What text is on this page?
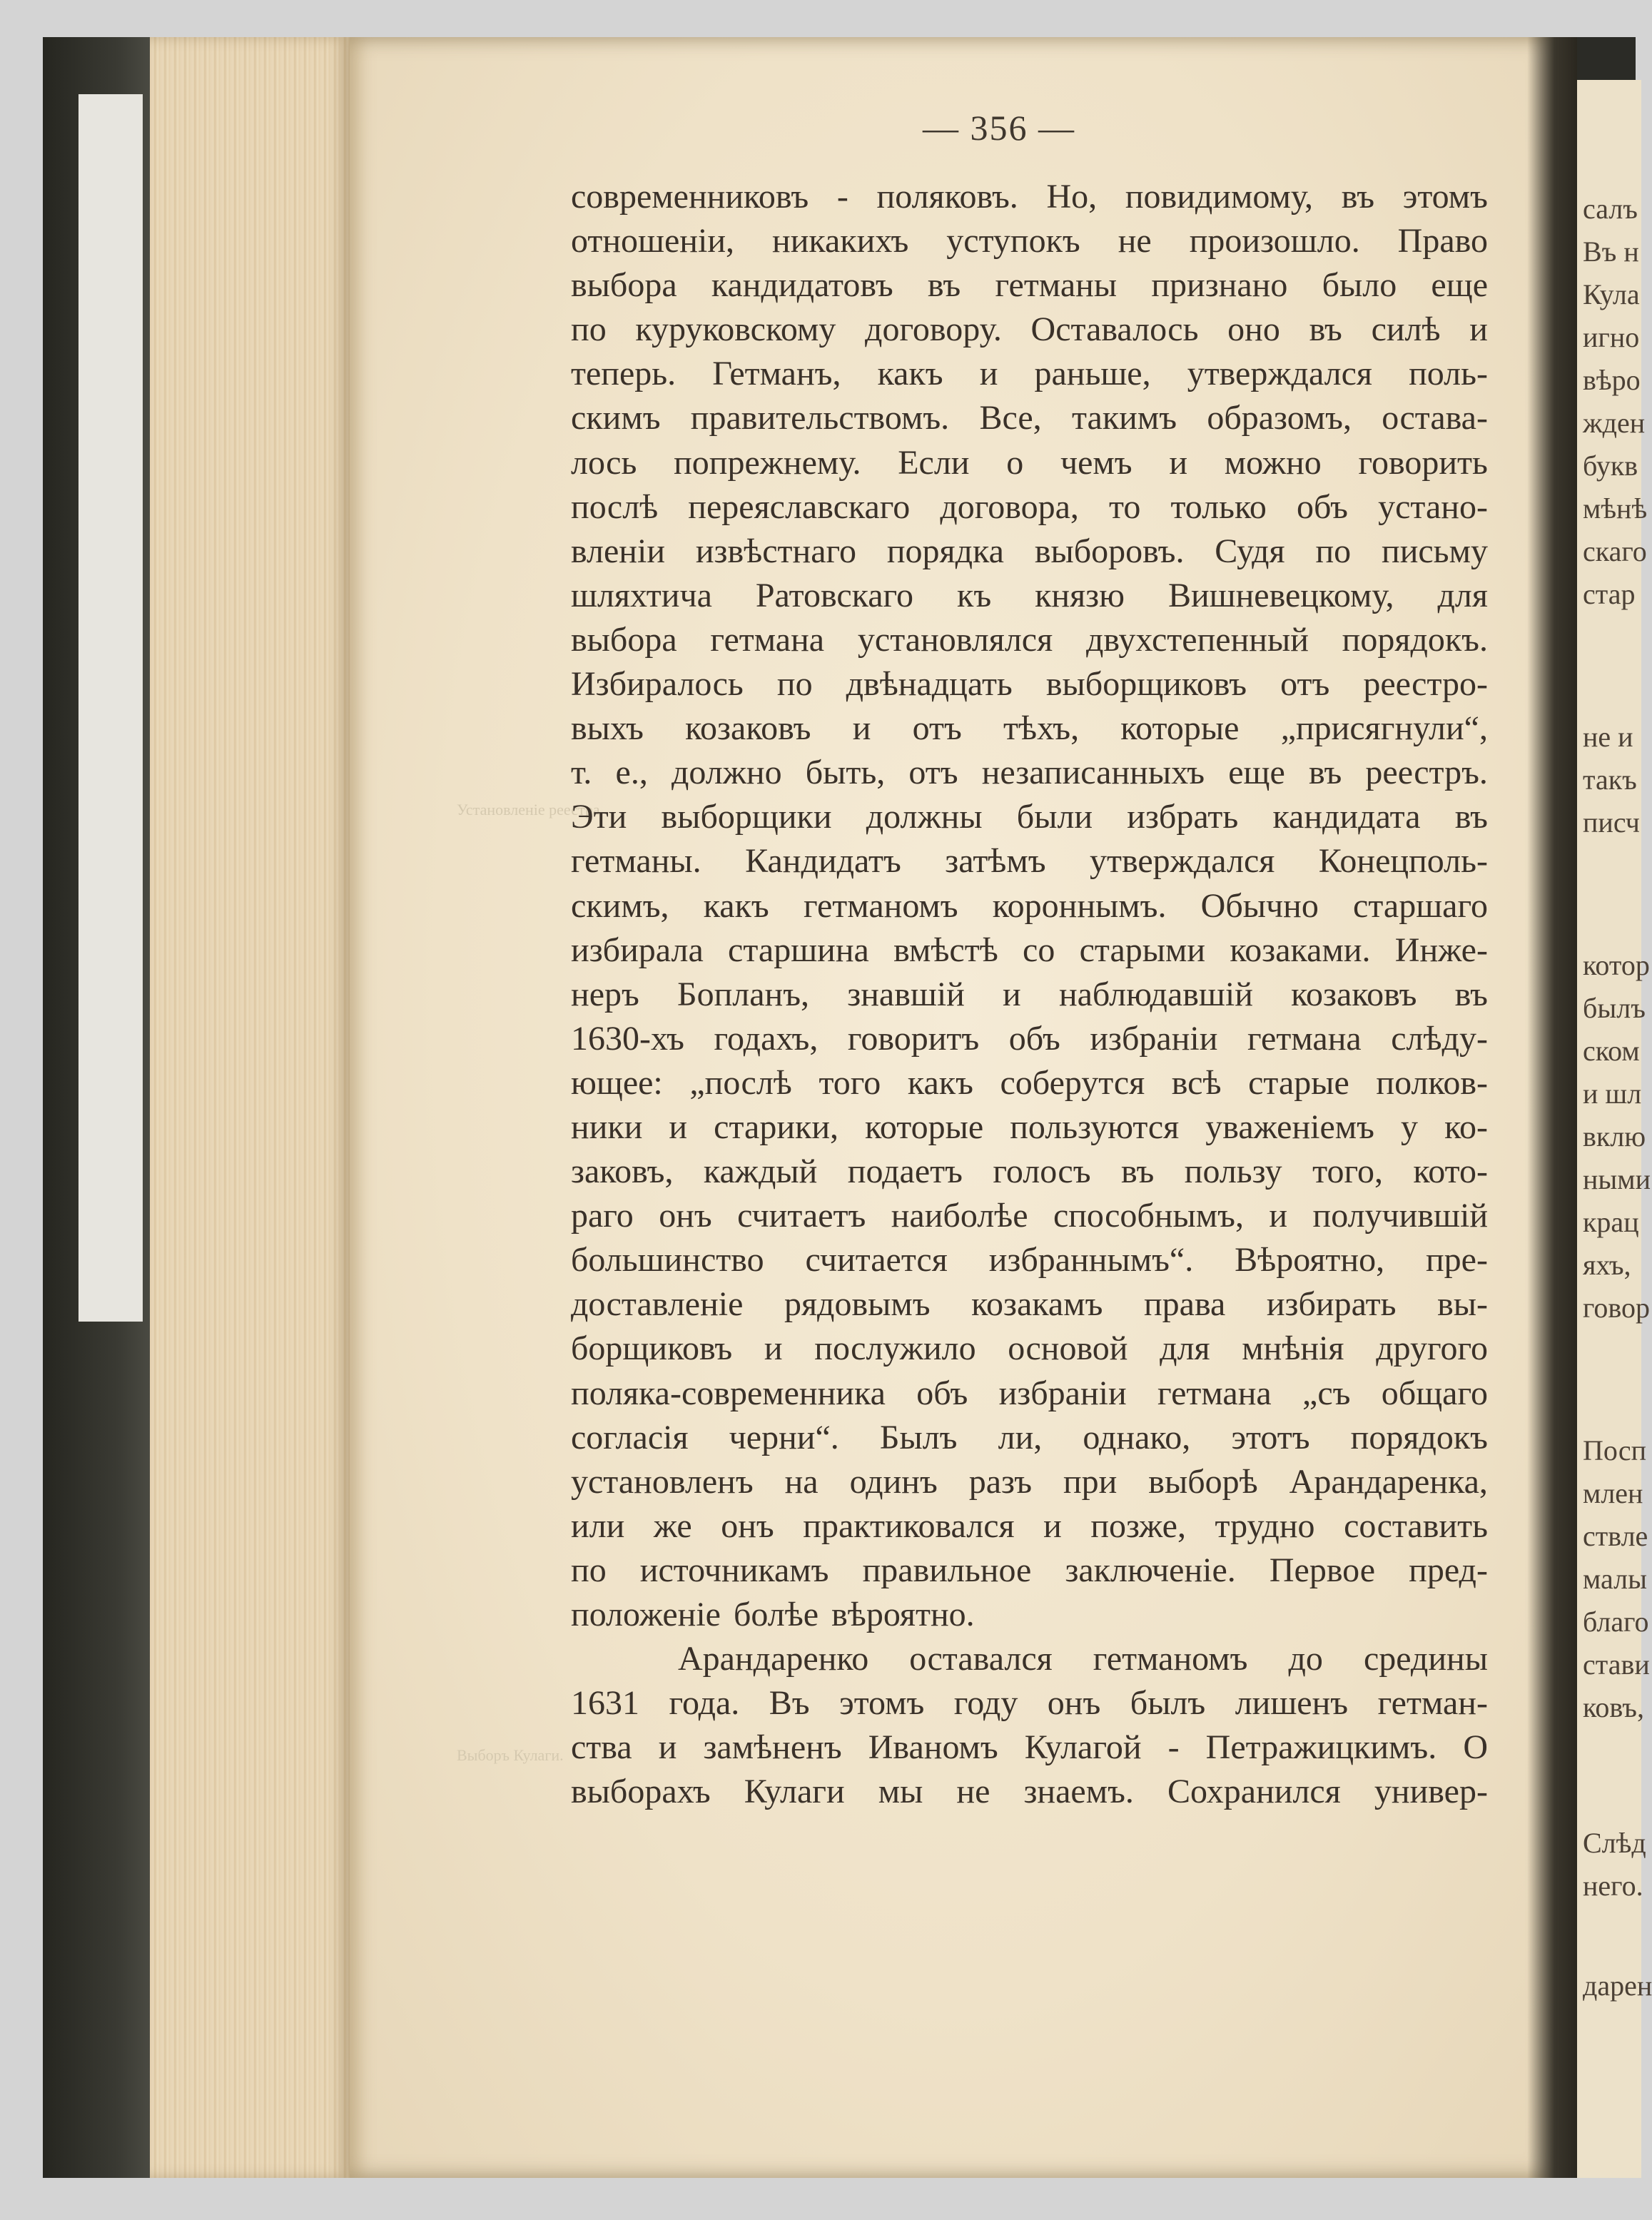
Установленiе реестра.
Выборъ Кулаги.
салъ
Въ н
Кула
игно
вѣро
жден
букв
мѣнѣ
скаго
стар
не и
такъ
писч
котор
былъ
ском
и шл
вклю
ными
крац
яхъ,
говор
Посп
млен
ствле
малы
благо
стави
ковъ,
Слѣд
него.
дарен
— 356 —
современниковъ - поляковъ. Но, повидимому, въ этомъ
отношенiи, никакихъ уступокъ не произошло. Право
выбора кандидатовъ въ гетманы признано было еще
по куруковскому договору. Оставалось оно въ силѣ и
теперь. Гетманъ, какъ и раньше, утверждался поль-
скимъ правительствомъ. Все, такимъ образомъ, остава-
лось попрежнему. Если о чемъ и можно говорить
послѣ переяславскаго договора, то только объ устано-
вленiи извѣстнаго порядка выборовъ. Судя по письму
шляхтича Ратовскаго къ князю Вишневецкому, для
выбора гетмана установлялся двухстепенный порядокъ.
Избиралось по двѣнадцать выборщиковъ отъ реестро-
выхъ козаковъ и отъ тѣхъ, которые „присягнули“,
т. е., должно быть, отъ незаписанныхъ еще въ реестръ.
Эти выборщики должны были избрать кандидата въ
гетманы. Кандидатъ затѣмъ утверждался Конецполь-
скимъ, какъ гетманомъ короннымъ. Обычно старшаго
избирала старшина вмѣстѣ со старыми козаками. Инже-
неръ Бопланъ, знавшiй и наблюдавшiй козаковъ въ
1630-хъ годахъ, говоритъ объ избранiи гетмана слѣду-
ющее: „послѣ того какъ соберутся всѣ старые полков-
ники и старики, которые пользуются уваженiемъ у ко-
заковъ, каждый подаетъ голосъ въ пользу того, кото-
раго онъ считаетъ наиболѣе способнымъ, и получившiй
большинство считается избраннымъ“. Вѣроятно, пре-
доставленiе рядовымъ козакамъ права избирать вы-
борщиковъ и послужило основой для мнѣнiя другого
поляка-современника объ избранiи гетмана „съ общаго
согласiя черни“. Былъ ли, однако, этотъ порядокъ
установленъ на одинъ разъ при выборѣ Арандаренка,
или же онъ практиковался и позже, трудно составить
по источникамъ правильное заключенiе. Первое пред-
положенiе болѣе вѣроятно.
Арандаренко оставался гетманомъ до средины
1631 года. Въ этомъ году онъ былъ лишенъ гетман-
ства и замѣненъ Иваномъ Кулагой - Петражицкимъ. О
выборахъ Кулаги мы не знаемъ. Сохранился универ-
